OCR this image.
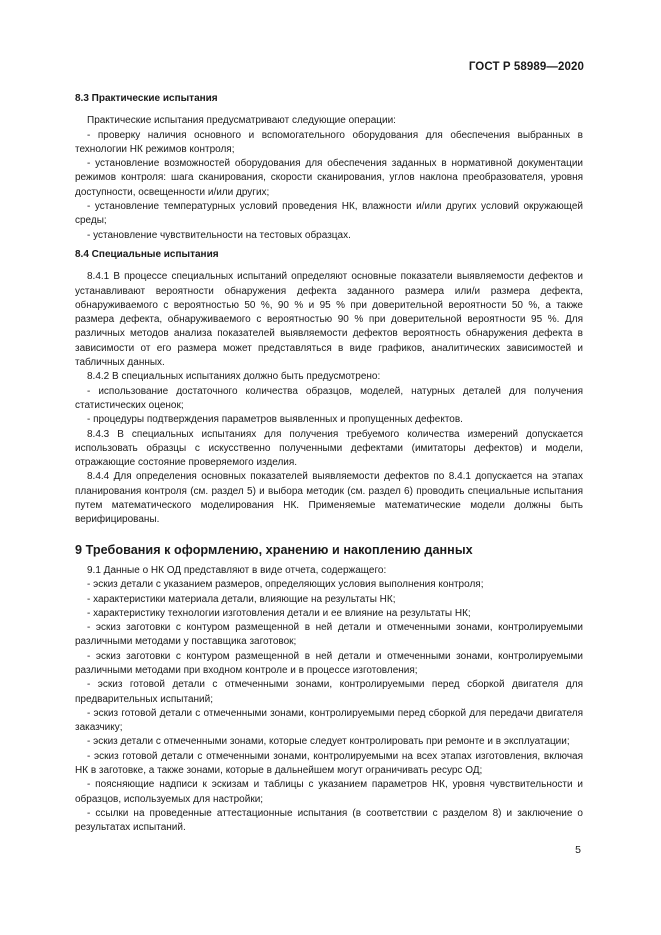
ГОСТ Р 58989—2020
8.3 Практические испытания

Практические испытания предусматривают следующие операции:

- проверку наличия основного и вспомогательного оборудования для обеспечения выбранных в технологии НК режимов контроля;

- установление возможностей оборудования для обеспечения заданных в нормативной документации режимов контроля: шага сканирования, скорости сканирования, углов наклона преобразователя, уровня доступности, освещенности и/или других;

- установление температурных условий проведения НК, влажности и/или других условий окружающей среды;

- установление чувствительности на тестовых образцах.

8.4 Специальные испытания

8.4.1 В процессе специальных испытаний определяют основные показатели выявляемости дефектов и устанавливают вероятности обнаружения дефекта заданного размера или/и размера дефекта, обнаруживаемого с вероятностью 50 %, 90 % и 95 % при доверительной вероятности 50 %, а также размера дефекта, обнаруживаемого с вероятностью 90 % при доверительной вероятности 95 %. Для различных методов анализа показателей выявляемости дефектов вероятность обнаружения дефекта в зависимости от его размера может представляться в виде графиков, аналитических зависимостей и табличных данных.

8.4.2 В специальных испытаниях должно быть предусмотрено:

- использование достаточного количества образцов, моделей, натурных деталей для получения статистических оценок;

- процедуры подтверждения параметров выявленных и пропущенных дефектов.

8.4.3 В специальных испытаниях для получения требуемого количества измерений допускается использовать образцы с искусственно полученными дефектами (имитаторы дефектов) и модели, отражающие состояние проверяемого изделия.

8.4.4 Для определения основных показателей выявляемости дефектов по 8.4.1 допускается на этапах планирования контроля (см. раздел 5) и выбора методик (см. раздел 6) проводить специальные испытания путем математического моделирования НК. Применяемые математические модели должны быть верифицированы.

9 Требования к оформлению, хранению и накоплению данных

9.1 Данные о НК ОД представляют в виде отчета, содержащего:

- эскиз детали с указанием размеров, определяющих условия выполнения контроля;

- характеристики материала детали, влияющие на результаты НК;

- характеристику технологии изготовления детали и ее влияние на результаты НК;

- эскиз заготовки с контуром размещенной в ней детали и отмеченными зонами, контролируемыми различными методами у поставщика заготовок;

- эскиз заготовки с контуром размещенной в ней детали и отмеченными зонами, контролируемыми различными методами при входном контроле и в процессе изготовления;

- эскиз готовой детали с отмеченными зонами, контролируемыми перед сборкой двигателя для предварительных испытаний;

- эскиз готовой детали с отмеченными зонами, контролируемыми перед сборкой для передачи двигателя заказчику;

- эскиз детали с отмеченными зонами, которые следует контролировать при ремонте и в эксплуатации;

- эскиз готовой детали с отмеченными зонами, контролируемыми на всех этапах изготовления, включая НК в заготовке, а также зонами, которые в дальнейшем могут ограничивать ресурс ОД;

- поясняющие надписи к эскизам и таблицы с указанием параметров НК, уровня чувствительности и образцов, используемых для настройки;

- ссылки на проведенные аттестационные испытания (в соответствии с разделом 8) и заключение о результатах испытаний.

5
